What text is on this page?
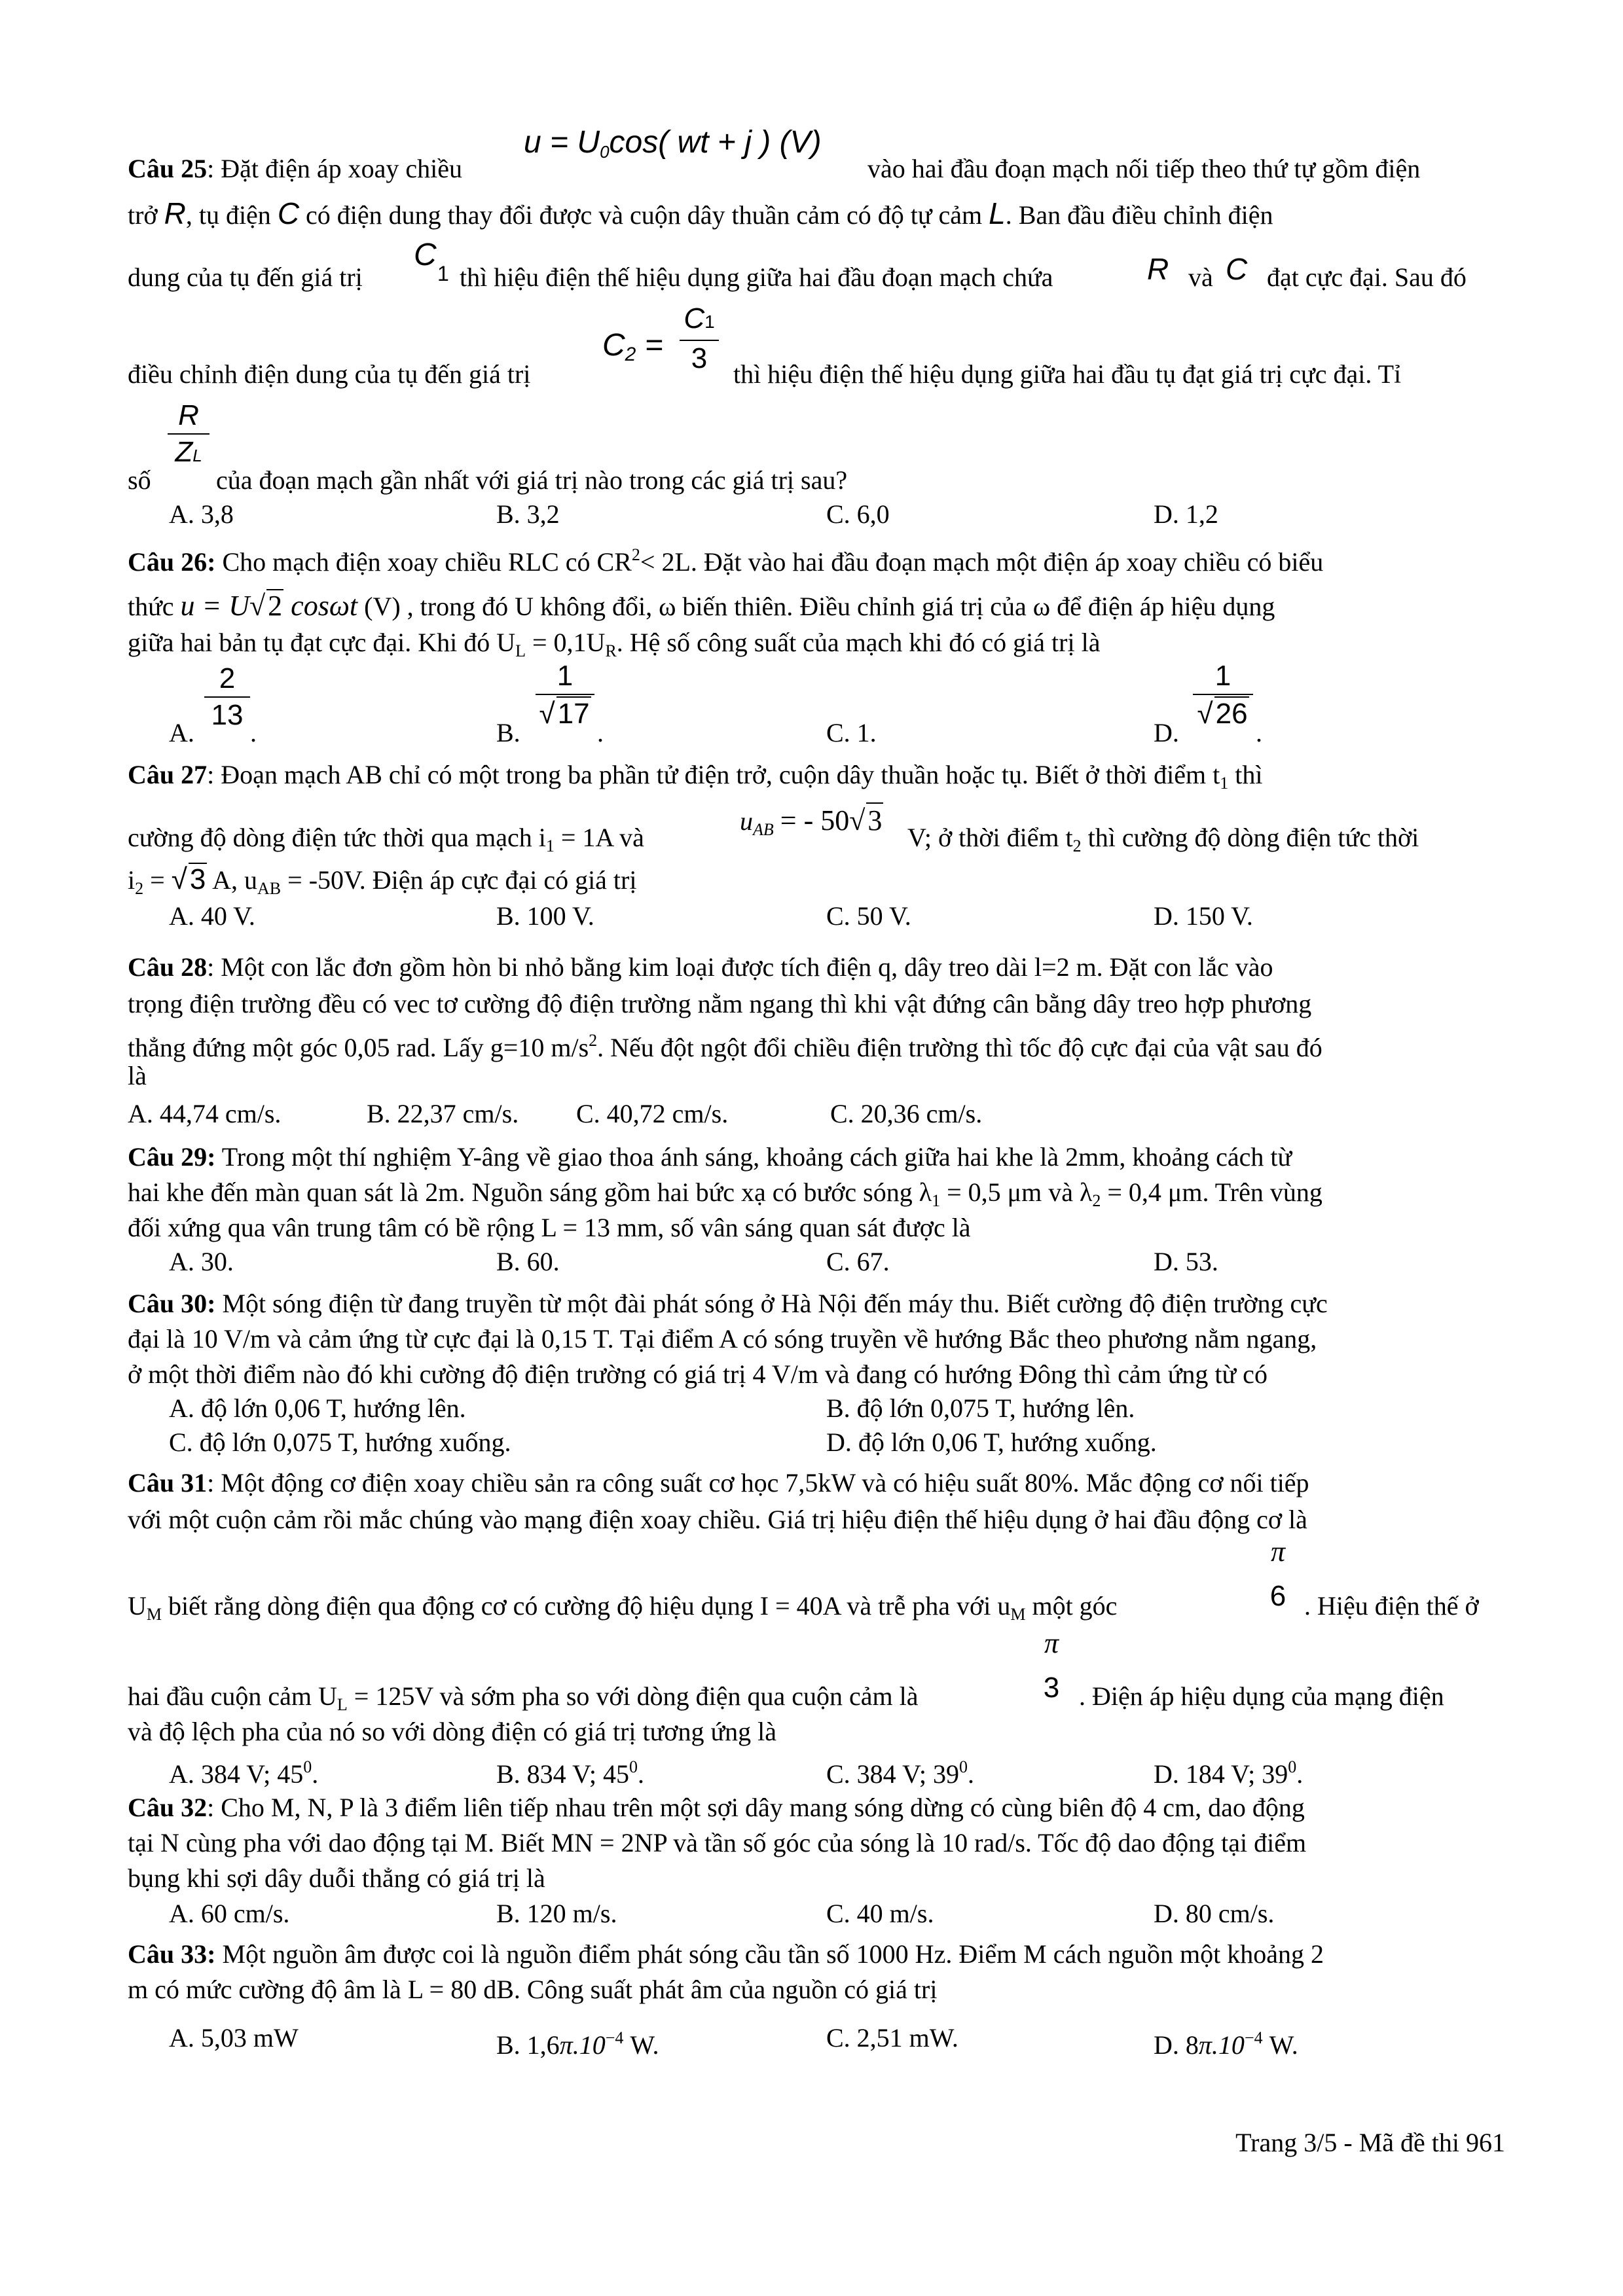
$u = U_0\cos$( wt + j ) (V)
Câu 25: Đặt điện áp xoay chiều	vào hai đầu đoạn mạch nối tiếp theo thứ tự gồm điện
trở R, tụ điện C có điện dung thay đổi được và cuộn dây thuần cảm có độ tự cảm L. Ban đầu điều chỉnh điện
C
1
dung của tụ đến giá trị	thì hiệu điện thế hiệu dụng giữa hai đầu đoạn mạch chứa	R và C đạt cực đại. Sau đó
$C_2$ =
C1
3
điều chỉnh điện dung của tụ đến giá trị	thì hiệu điện thế hiệu dụng giữa hai đầu tụ đạt giá trị cực đại. Tỉ
R
ZL
số	của đoạn mạch gần nhất với giá trị nào trong các giá trị sau?
A. 3,8	B. 3,2	C. 6,0	D. 1,2
Câu 26: Cho mạch điện xoay chiều RLC có $CR^2< 2L$. Đặt vào hai đầu đoạn mạch một điện áp xoay chiều có biểu
thức u = U√2 cosωt (V) , trong đó U không đổi, ω biến thiên. Điều chỉnh giá trị của ω để điện áp hiệu dụng
giữa hai bản tụ đạt cực đại. Khi đó $U_L = 0,1U_R$. Hệ số công suất của mạch khi đó có giá trị là
A.
2
13
.	B.
1
√17
.	C. 1.	D.
1
√26
.
Câu 27: Đoạn mạch AB chỉ có một trong ba phần tử điện trở, cuộn dây thuần hoặc tụ. Biết ở thời điểm $t_1$ thì
cường độ dòng điện tức thời qua mạch $i_1 = 1A$ và
$u_{AB}$ = - 50√3
V; ở thời điểm $t_2$ thì cường độ dòng điện tức thời
$i_2 = √3$ A, $u_{AB} = -50V$. Điện áp cực đại có giá trị
A. 40 V.	B. 100 V.	C. 50 V.	D. 150 V.
Câu 28: Một con lắc đơn gồm hòn bi nhỏ bằng kim loại được tích điện q, dây treo dài l=2 m. Đặt con lắc vào
trọng điện trường đều có vec tơ cường độ điện trường nằm ngang thì khi vật đứng cân bằng dây treo hợp phương
thẳng đứng một góc 0,05 rad. Lấy g=10 $m/s^2$. Nếu đột ngột đổi chiều điện trường thì tốc độ cực đại của vật sau đó
là
A. 44,74 cm/s.	B. 22,37 cm/s. C. 40,72 cm/s.	C. 20,36 cm/s.
Câu 29: Trong một thí nghiệm Y-âng về giao thoa ánh sáng, khoảng cách giữa hai khe là 2mm, khoảng cách từ
hai khe đến màn quan sát là 2m. Nguồn sáng gồm hai bức xạ có bước sóng $\lambda_1 = 0,5$ μm và $\lambda_2 = 0,4$ μm. Trên vùng
đối xứng qua vân trung tâm có bề rộng L = 13 mm, số vân sáng quan sát được là
A. 30.	B. 60.	C. 67.	D. 53.
Câu 30: Một sóng điện từ đang truyền từ một đài phát sóng ở Hà Nội đến máy thu. Biết cường độ điện trường cực
đại là 10 V/m và cảm ứng từ cực đại là 0,15 T. Tại điểm A có sóng truyền về hướng Bắc theo phương nằm ngang,
ở một thời điểm nào đó khi cường độ điện trường có giá trị 4 V/m và đang có hướng Đông thì cảm ứng từ có
A. độ lớn 0,06 T, hướng lên.	B. độ lớn 0,075 T, hướng lên.
C. độ lớn 0,075 T, hướng xuống.	D. độ lớn 0,06 T, hướng xuống.
Câu 31: Một động cơ điện xoay chiều sản ra công suất cơ học 7,5kW và có hiệu suất 80%. Mắc động cơ nối tiếp
với một cuộn cảm rồi mắc chúng vào mạng điện xoay chiều. Giá trị hiệu điện thế hiệu dụng ở hai đầu động cơ là
π
6
$U_M$ biết rằng dòng điện qua động cơ có cường độ hiệu dụng I = 40A và trễ pha với $u_M$ một góc	. Hiệu điện thế ở
π
3
hai đầu cuộn cảm $U_L = 125V$ và sớm pha so với dòng điện qua cuộn cảm là	. Điện áp hiệu dụng của mạng điện
và độ lệch pha của nó so với dòng điện có giá trị tương ứng là
A. 384 V; $45^0$.	B. 834 V; $45^0$.	C. 384 V; $39^0$.	D. 184 V; $39^0$.
Câu 32: Cho M, N, P là 3 điểm liên tiếp nhau trên một sợi dây mang sóng dừng có cùng biên độ 4 cm, dao động
tại N cùng pha với dao động tại M. Biết MN = 2NP và tần số góc của sóng là 10 rad/s. Tốc độ dao động tại điểm
bụng khi sợi dây duỗi thẳng có giá trị là
A. 60 cm/s.	B. 120 m/s.	C. 40 m/s.	D. 80 cm/s.
Câu 33: Một nguồn âm được coi là nguồn điểm phát sóng cầu tần số 1000 Hz. Điểm M cách nguồn một khoảng 2
m có mức cường độ âm là L = 80 dB. Công suất phát âm của nguồn có giá trị
A. 5,03 mW	B. $1,6\pi.10^{-4}$ W.	C. 2,51 mW.	D. $8\pi.10^{-4}$ W.
Trang 3/5 - Mã đề thi 961
